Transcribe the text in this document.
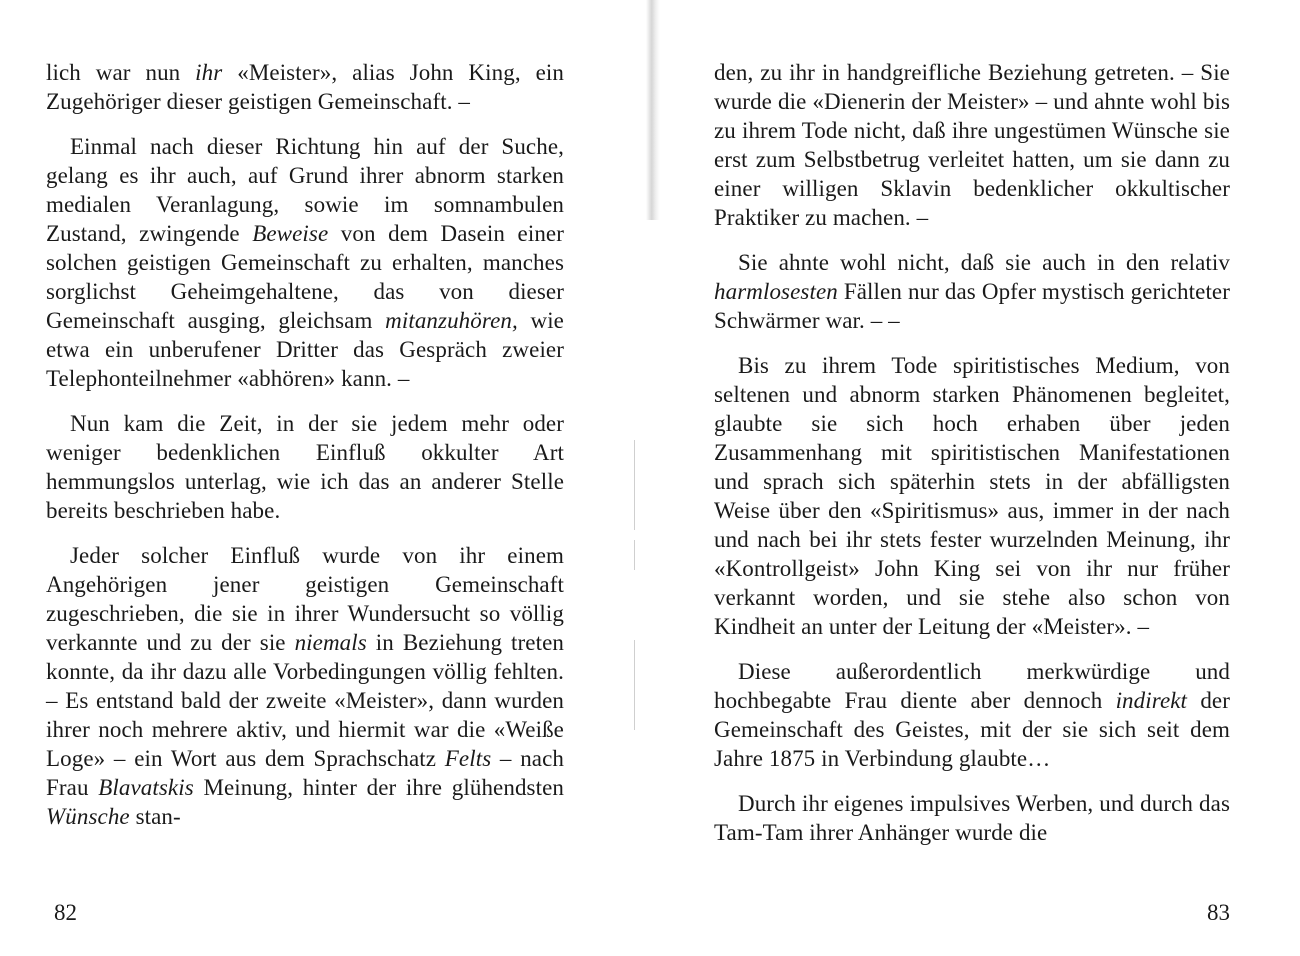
lich war nun ihr «Meister», alias John King, ein Zugehöriger dieser geistigen Gemeinschaft. –

Einmal nach dieser Richtung hin auf der Suche, gelang es ihr auch, auf Grund ihrer abnorm starken medialen Veranlagung, sowie im somnambulen Zustand, zwingende Beweise von dem Dasein einer solchen geistigen Gemeinschaft zu erhalten, manches sorglichst Geheimgehaltene, das von dieser Gemeinschaft ausging, gleichsam mitanzuhören, wie etwa ein unberufener Dritter das Gespräch zweier Telephonteilnehmer «abhören» kann. –

Nun kam die Zeit, in der sie jedem mehr oder weniger bedenklichen Einfluß okkulter Art hemmungslos unterlag, wie ich das an anderer Stelle bereits beschrieben habe.

Jeder solcher Einfluß wurde von ihr einem Angehörigen jener geistigen Gemeinschaft zugeschrieben, die sie in ihrer Wundersucht so völlig verkannte und zu der sie niemals in Beziehung treten konnte, da ihr dazu alle Vorbedingungen völlig fehlten. – Es entstand bald der zweite «Meister», dann wurden ihrer noch mehrere aktiv, und hiermit war die «Weiße Loge» – ein Wort aus dem Sprachschatz Felts – nach Frau Blavatskis Meinung, hinter der ihre glühendsten Wünsche stan-

82

den, zu ihr in handgreifliche Beziehung getreten. – Sie wurde die «Dienerin der Meister» – und ahnte wohl bis zu ihrem Tode nicht, daß ihre ungestümen Wünsche sie erst zum Selbstbetrug verleitet hatten, um sie dann zu einer willigen Sklavin bedenklicher okkultischer Praktiker zu machen. –

Sie ahnte wohl nicht, daß sie auch in den relativ harmlosesten Fällen nur das Opfer mystisch gerichteter Schwärmer war. – –

Bis zu ihrem Tode spiritistisches Medium, von seltenen und abnorm starken Phänomenen begleitet, glaubte sie sich hoch erhaben über jeden Zusammenhang mit spiritistischen Manifestationen und sprach sich späterhin stets in der abfälligsten Weise über den «Spiritismus» aus, immer in der nach und nach bei ihr stets fester wurzelnden Meinung, ihr «Kontrollgeist» John King sei von ihr nur früher verkannt worden, und sie stehe also schon von Kindheit an unter der Leitung der «Meister». –

Diese außerordentlich merkwürdige und hochbegabte Frau diente aber dennoch indirekt der Gemeinschaft des Geistes, mit der sie sich seit dem Jahre 1875 in Verbindung glaubte…

Durch ihr eigenes impulsives Werben, und durch das Tam-Tam ihrer Anhänger wurde die

83
